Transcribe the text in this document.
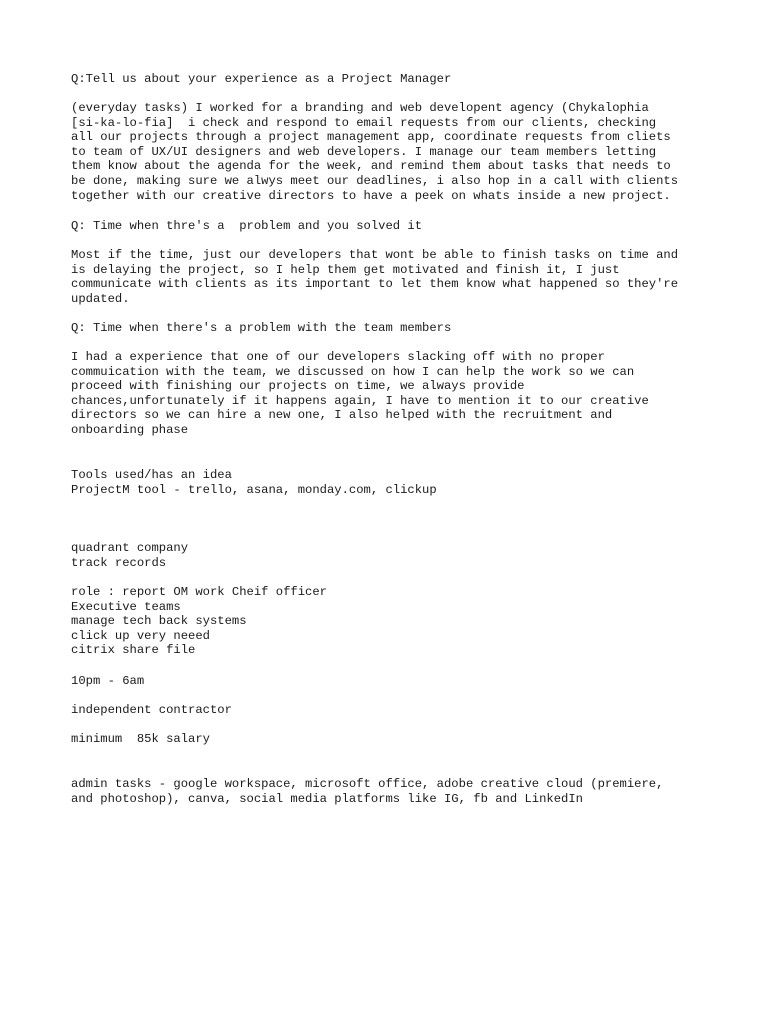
Q:Tell us about your experience as a Project Manager

(everyday tasks) I worked for a branding and web developent agency (Chykalophia

[si-ka-lo-fia]  i check and respond to email requests from our clients, checking

all our projects through a project management app, coordinate requests from cliets

to team of UX/UI designers and web developers. I manage our team members letting

them know about the agenda for the week, and remind them about tasks that needs to

be done, making sure we alwys meet our deadlines, i also hop in a call with clients

together with our creative directors to have a peek on whats inside a new project.

Q: Time when thre's a  problem and you solved it

Most if the time, just our developers that wont be able to finish tasks on time and

is delaying the project, so I help them get motivated and finish it, I just

communicate with clients as its important to let them know what happened so they're

updated.

Q: Time when there's a problem with the team members

I had a experience that one of our developers slacking off with no proper

commuication with the team, we discussed on how I can help the work so we can

proceed with finishing our projects on time, we always provide

chances,unfortunately if it happens again, I have to mention it to our creative

directors so we can hire a new one, I also helped with the recruitment and

onboarding phase

Tools used/has an idea

ProjectM tool - trello, asana, monday.com, clickup

quadrant company

track records

role : report OM work Cheif officer

Executive teams

manage tech back systems

click up very neeed

citrix share file

10pm - 6am

independent contractor

minimum  85k salary

admin tasks - google workspace, microsoft office, adobe creative cloud (premiere,

and photoshop), canva, social media platforms like IG, fb and LinkedIn
